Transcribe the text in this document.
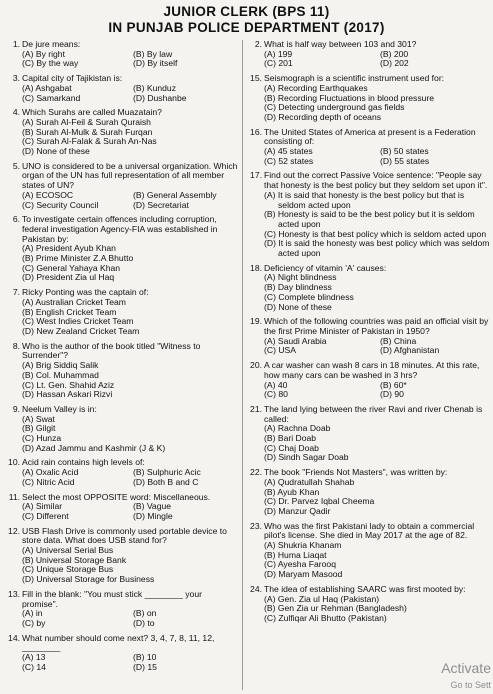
JUNIOR CLERK (BPS 11)
IN PUNJAB POLICE DEPARTMENT (2017)
1. De jure means:
(A) By right	(B) By law
(C) By the way	(D) By itself
3. Capital city of Tajikistan is:
(A) Ashgabat	(B) Kunduz
(C) Samarkand	(D) Dushanbe
4. Which Surahs are called Muazatain?
(A) Surah Al-Feil & Surah Quraish
(B) Surah Al-Mulk & Surah Furqan
(C) Surah Al-Falak & Surah An-Nas
(D) None of these
5. UNO is considered to be a universal organization. Which organ of the UN has full representation of all member states of UN?
(A) ECOSOC	(B) General Assembly
(C) Security Council	(D) Secretariat
6. To investigate certain offences including corruption, federal investigation Agency-FIA was established in Pakistan by:
(A) President Ayub Khan
(B) Prime Minister Z.A Bhutto
(C) General Yahaya Khan
(D) President Zia ul Haq
7. Ricky Ponting was the captain of:
(A) Australian Cricket Team
(B) English Cricket Team
(C) West Indies Cricket Team
(D) New Zealand Cricket Team
8. Who is the author of the book titled "Witness to Surrender"?
(A) Brig Siddiq Salik
(B) Col. Muhammad
(C) Lt. Gen. Shahid Aziz
(D) Hassan Askari Rizvi
9. Neelum Valley is in:
(A) Swat
(B) Gilgit
(C) Hunza
(D) Azad Jammu and Kashmir (J & K)
10. Acid rain contains high levels of:
(A) Oxalic Acid	(B) Sulphuric Acic
(C) Nitric Acid	(D) Both B and C
11. Select the most OPPOSITE word: Miscellaneous.
(A) Similar	(B) Vague
(C) Different	(D) Mingle
12. USB Flash Drive is commonly used portable device to store data. What does USB stand for?
(A) Universal Serial Bus
(B) Universal Storage Bank
(C) Unique Storage Bus
(D) Universal Storage for Business
13. Fill in the blank: "You must stick ________ your promise".
(A) in	(B) on
(C) by	(D) to
14. What number should come next? 3, 4, 7, 8, 11, 12, ________
(A) 13	(B) 10
(C) 14	(D) 15
2. What is half way between 103 and 301?
(A) 199	(B) 200
(C) 201	(D) 202
15. Seismograph is a scientific instrument used for:
(A) Recording Earthquakes
(B) Recording Fluctuations in blood pressure
(C) Detecting underground gas fields
(D) Recording depth of oceans
16. The United States of America at present is a Federation consisting of:
(A) 45 states	(B) 50 states
(C) 52 states	(D) 55 states
17. Find out the correct Passive Voice sentence: "People say that honesty is the best policy but they seldom set upon it".
(A) It is said that honesty is the best policy but that is seldom acted upon
(B) Honesty is said to be the best policy but it is seldom acted upon
(C) Honesty is that best policy which is seldom acted upon
(D) It is said the honesty was best policy which was seldom acted upon
18. Deficiency of vitamin 'A' causes:
(A) Night blindness
(B) Day blindness
(C) Complete blindness
(D) None of these
19. Which of the following countries was paid an official visit by the first Prime Minister of Pakistan in 1950?
(A) Saudi Arabia	(B) China
(C) USA	(D) Afghanistan
20. A car washer can wash 8 cars in 18 minutes. At this rate, how many cars can be washed in 3 hrs?
(A) 40	(B) 60*
(C) 80	(D) 90
21. The land lying between the river Ravi and river Chenab is called:
(A) Rachna Doab
(B) Bari Doab
(C) Chaj Doab
(D) Sindh Sagar Doab
22. The book "Friends Not Masters", was written by:
(A) Qudratullah Shahab
(B) Ayub Khan
(C) Dr. Parvez Iqbal Cheema
(D) Manzur Qadir
23. Who was the first Pakistani lady to obtain a commercial pilot's license. She died in May 2017 at the age of 82.
(A) Shukria Khanam
(B) Huma Liaqat
(C) Ayesha Farooq
(D) Maryam Masood
24. The idea of establishing SAARC was first mooted by:
(A) Gen. Zia ul Haq (Pakistan)
(B) Gen Zia ur Rehman (Bangladesh)
(C) Zulfiqar Ali Bhutto (Pakistan)
Activate
Go to Sett
